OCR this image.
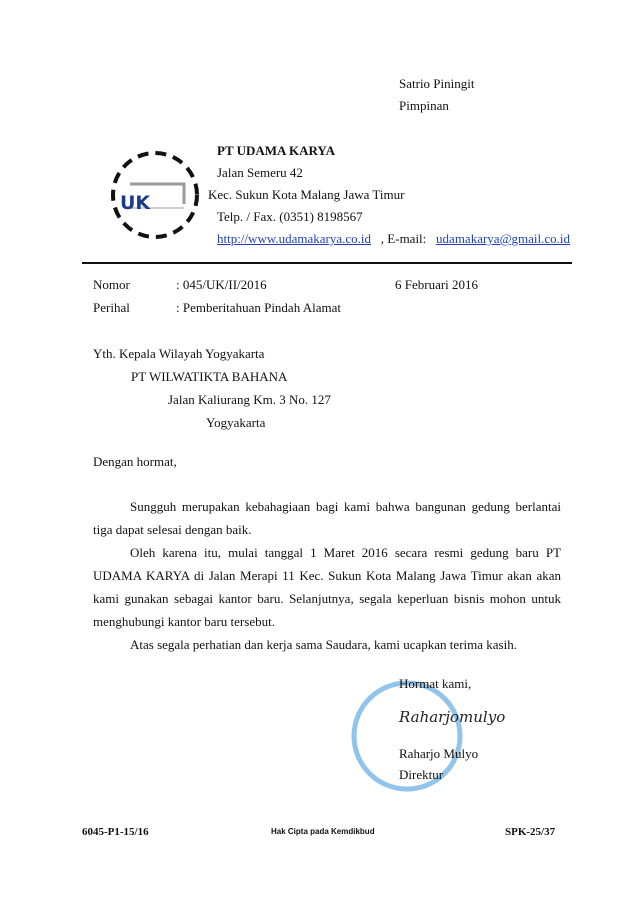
Satrio Piningit
Pimpinan
UK
PT UDAMA KARYA
Jalan Semeru 42
Kec. Sukun Kota Malang Jawa Timur
Telp. / Fax. (0351) 8198567
http://www.udamakarya.co.id , E-mail: udamakarya@gmail.co.id
Nomor	: 045/UK/II/2016	6 Februari 2016
Perihal	: Pemberitahuan Pindah Alamat
Yth. Kepala Wilayah Yogyakarta
PT WILWATIKTA BAHANA
Jalan Kaliurang Km. 3 No. 127
Yogyakarta
Dengan hormat,
Sungguh merupakan kebahagiaan bagi kami bahwa bangunan gedung berlantai tiga dapat selesai dengan baik.
Oleh karena itu, mulai tanggal 1 Maret 2016 secara resmi gedung baru PT UDAMA KARYA di Jalan Merapi 11 Kec. Sukun Kota Malang Jawa Timur akan akan kami gunakan sebagai kantor baru. Selanjutnya, segala keperluan bisnis mohon untuk menghubungi kantor baru tersebut.
Atas segala perhatian dan kerja sama Saudara, kami ucapkan terima kasih.
Hormat kami,
Raharjomulyo
Raharjo Mulyo
Direktur
6045-P1-15/16	Hak Cipta pada Kemdikbud	SPK-25/37
